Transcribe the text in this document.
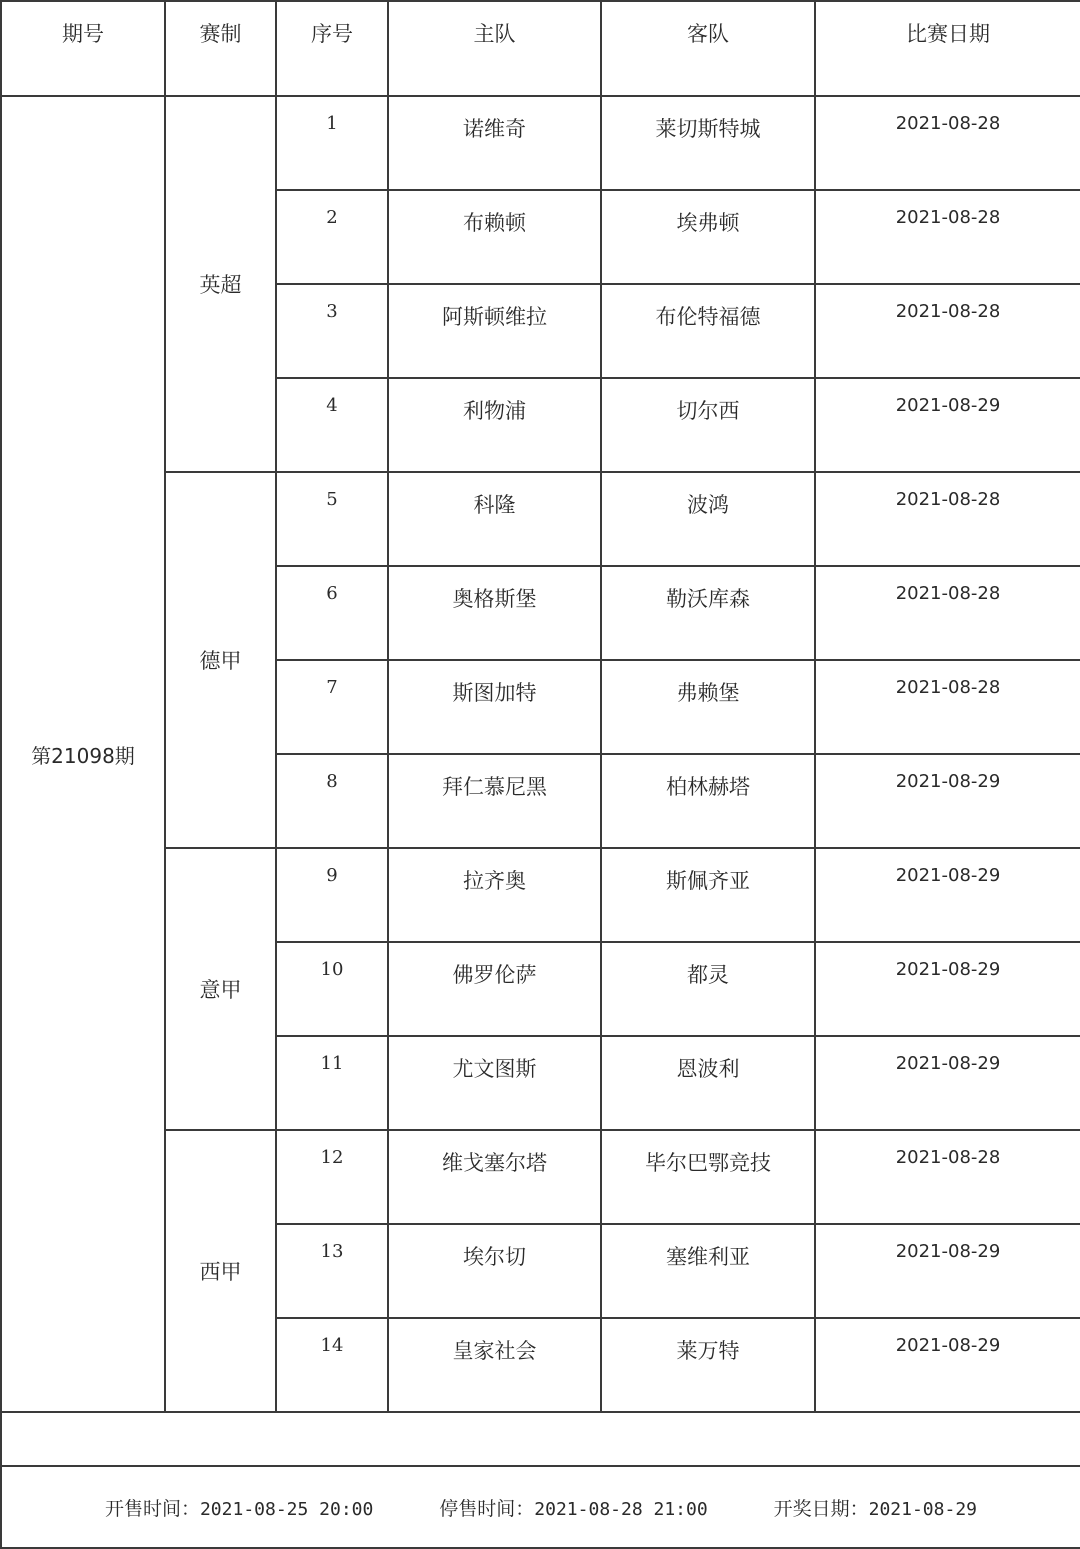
期号	赛制	序号	主队	客队	比赛日期
第21098期	英超	1	诺维奇	莱切斯特城	2021-08-28
		2	布赖顿	埃弗顿	2021-08-28
		3	阿斯顿维拉	布伦特福德	2021-08-28
		4	利物浦	切尔西	2021-08-29
	德甲	5	科隆	波鸿	2021-08-28
		6	奥格斯堡	勒沃库森	2021-08-28
		7	斯图加特	弗赖堡	2021-08-28
		8	拜仁慕尼黑	柏林赫塔	2021-08-29
	意甲	9	拉齐奥	斯佩齐亚	2021-08-29
		10	佛罗伦萨	都灵	2021-08-29
		11	尤文图斯	恩波利	2021-08-29
	西甲	12	维戈塞尔塔	毕尔巴鄂竞技	2021-08-28
		13	埃尔切	塞维利亚	2021-08-29
		14	皇家社会	莱万特	2021-08-29

开售时间：2021-08-25 20:00 停售时间：2021-08-28 21:00 开奖日期：2021-08-29					
